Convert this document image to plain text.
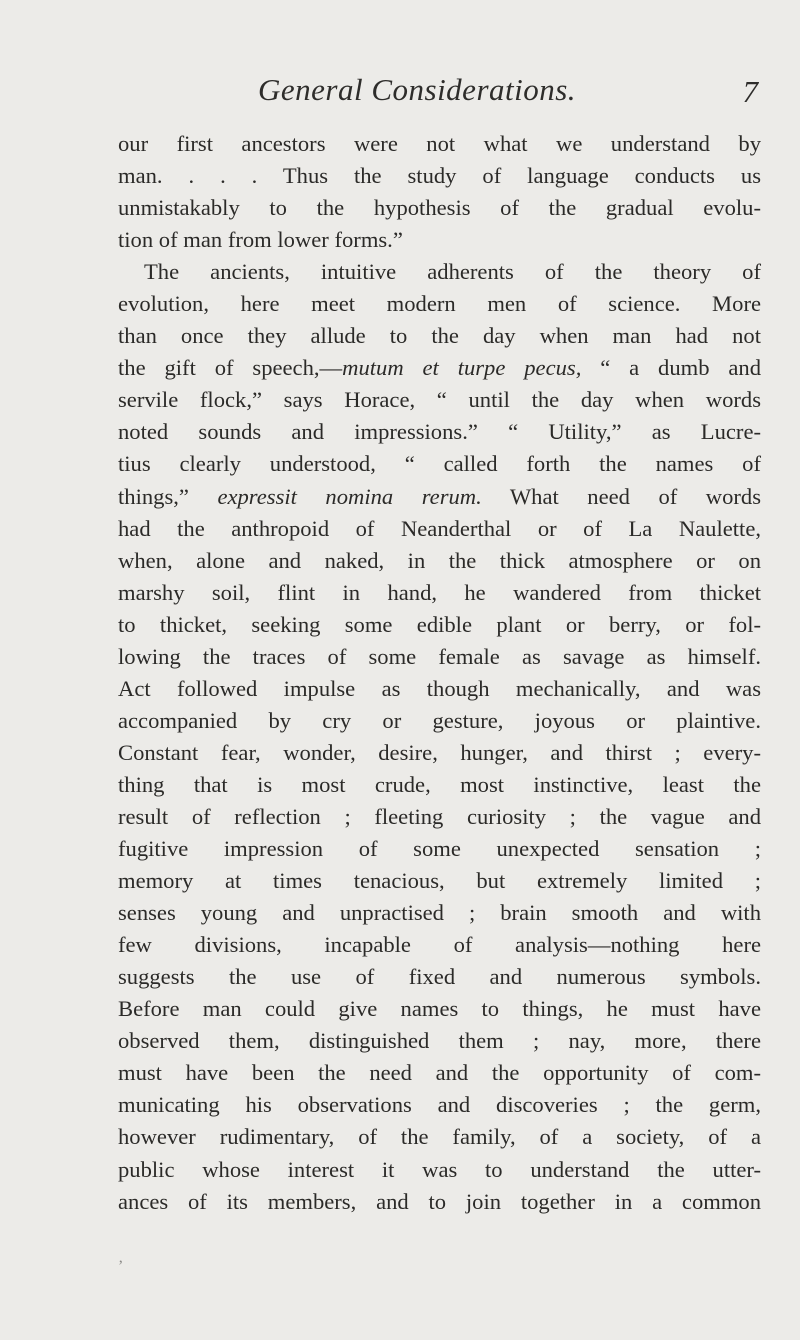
General Considerations.	7
our first ancestors were not what we understand by
man. . . . Thus the study of language conducts us
unmistakably to the hypothesis of the gradual evolu-
tion of man from lower forms.”
The ancients, intuitive adherents of the theory of
evolution, here meet modern men of science. More
than once they allude to the day when man had not
the gift of speech,—mutum et turpe pecus, “ a dumb and
servile flock,” says Horace, “ until the day when words
noted sounds and impressions.” “ Utility,” as Lucre-
tius clearly understood, “ called forth the names of
things,” expressit nomina rerum. What need of words
had the anthropoid of Neanderthal or of La Naulette,
when, alone and naked, in the thick atmosphere or on
marshy soil, flint in hand, he wandered from thicket
to thicket, seeking some edible plant or berry, or fol-
lowing the traces of some female as savage as himself.
Act followed impulse as though mechanically, and was
accompanied by cry or gesture, joyous or plaintive.
Constant fear, wonder, desire, hunger, and thirst ; every-
thing that is most crude, most instinctive, least the
result of reflection ; fleeting curiosity ; the vague and
fugitive impression of some unexpected sensation ;
memory at times tenacious, but extremely limited ;
senses young and unpractised ; brain smooth and with
few divisions, incapable of analysis—nothing here
suggests the use of fixed and numerous symbols.
Before man could give names to things, he must have
observed them, distinguished them ; nay, more, there
must have been the need and the opportunity of com-
municating his observations and discoveries ; the germ,
however rudimentary, of the family, of a society, of a
public whose interest it was to understand the utter-
ances of its members, and to join together in a common
ʼ
